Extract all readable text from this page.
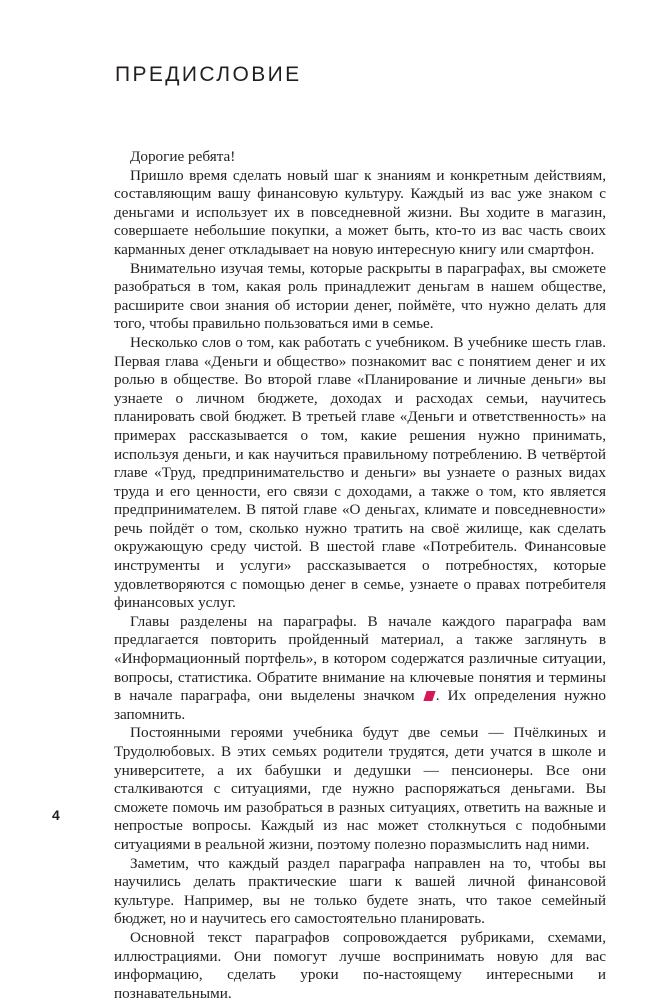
ПРЕДИСЛОВИЕ

Дорогие ребята!

Пришло время сделать новый шаг к знаниям и конкретным действиям, составляющим вашу финансовую культуру. Каждый из вас уже знаком с деньгами и использует их в повседневной жизни. Вы ходите в магазин, совершаете небольшие покупки, а может быть, кто-то из вас часть своих карманных денег откладывает на новую интересную книгу или смартфон.

Внимательно изучая темы, которые раскрыты в параграфах, вы сможете разобраться в том, какая роль принадлежит деньгам в нашем обществе, расширите свои знания об истории денег, поймёте, что нужно делать для того, чтобы правильно пользоваться ими в семье.

Несколько слов о том, как работать с учебником. В учебнике шесть глав. Первая глава «Деньги и общество» познакомит вас с понятием денег и их ролью в обществе. Во второй главе «Планирование и личные деньги» вы узнаете о личном бюджете, доходах и расходах семьи, научитесь планировать свой бюджет. В третьей главе «Деньги и ответственность» на примерах рассказывается о том, какие решения нужно принимать, используя деньги, и как научиться правильному потреблению. В четвёртой главе «Труд, предпринимательство и деньги» вы узнаете о разных видах труда и его ценности, его связи с доходами, а также о том, кто является предпринимателем. В пятой главе «О деньгах, климате и повседневности» речь пойдёт о том, сколько нужно тратить на своё жилище, как сделать окружающую среду чистой. В шестой главе «Потребитель. Финансовые инструменты и услуги» рассказывается о потребностях, которые удовлетворяются с помощью денег в семье, узнаете о правах потребителя финансовых услуг.

Главы разделены на параграфы. В начале каждого параграфа вам предлагается повторить пройденный материал, а также заглянуть в «Информационный портфель», в котором содержатся различные ситуации, вопросы, статистика. Обратите внимание на ключевые понятия и термины в начале параграфа, они выделены значком . Их определения нужно запомнить.

Постоянными героями учебника будут две семьи — Пчёлкиных и Трудолюбовых. В этих семьях родители трудятся, дети учатся в школе и университете, а их бабушки и дедушки — пенсионеры. Все они сталкиваются с ситуациями, где нужно распоряжаться деньгами. Вы сможете помочь им разобраться в разных ситуациях, ответить на важные и непростые вопросы. Каждый из нас может столкнуться с подобными ситуациями в реальной жизни, поэтому полезно поразмыслить над ними.

Заметим, что каждый раздел параграфа направлен на то, чтобы вы научились делать практические шаги к вашей личной финансовой культуре. Например, вы не только будете знать, что такое семейный бюджет, но и научитесь его самостоятельно планировать.

Основной текст параграфов сопровождается рубриками, схемами, иллюстрациями. Они помогут лучше воспринимать новую для вас информацию, сделать уроки по-настоящему интересными и познавательными.

4
